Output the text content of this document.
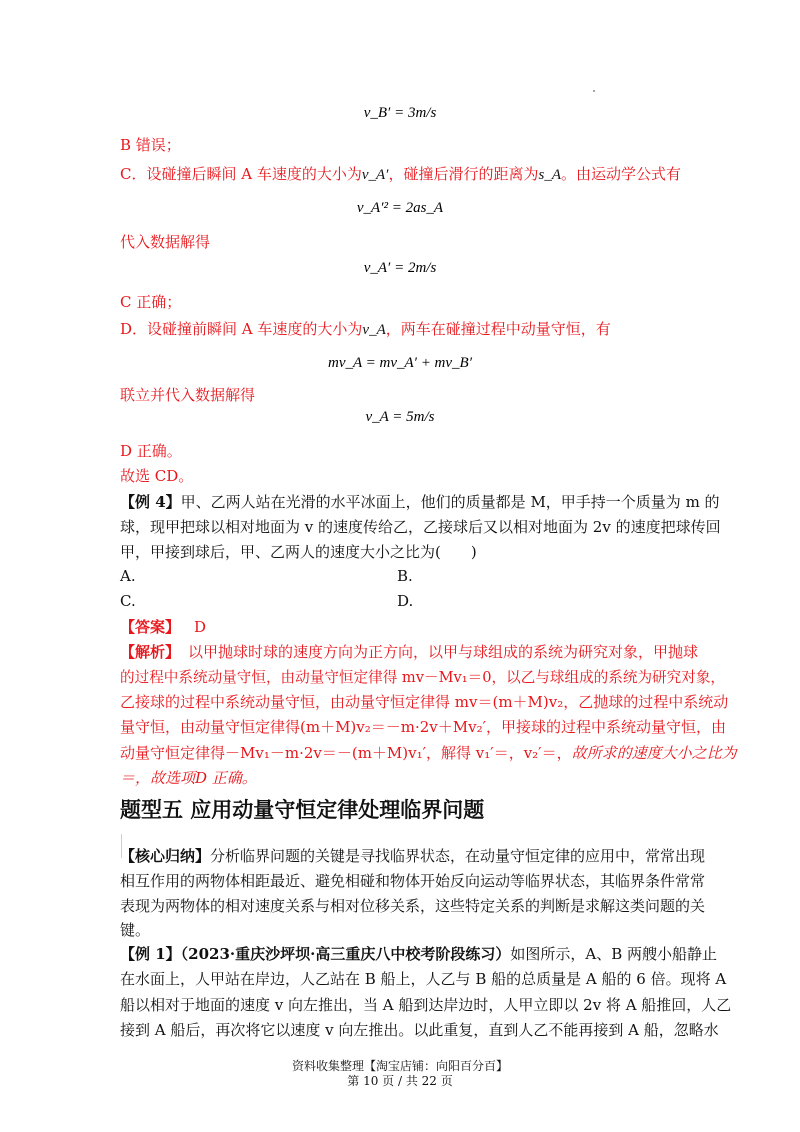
v_B′ = 3m/s
B 错误；
C．设碰撞后瞬间 A 车速度的大小为v_A′，碰撞后滑行的距离为s_A。由运动学公式有
v_A′² = 2as_A
代入数据解得
v_A′ = 2m/s
C 正确；
D．设碰撞前瞬间 A 车速度的大小为v_A，两车在碰撞过程中动量守恒，有
mv_A = mv_A′ + mv_B′
联立并代入数据解得
v_A = 5m/s
D 正确。
故选 CD。
【例 4】甲、乙两人站在光滑的水平冰面上，他们的质量都是 M，甲手持一个质量为 m 的
球，现甲把球以相对地面为 v 的速度传给乙，乙接球后又以相对地面为 2v 的速度把球传回
甲，甲接到球后，甲、乙两人的速度大小之比为(　　)
A.	B.
C.	D.
【答案】 D
【解析】 以甲抛球时球的速度方向为正方向，以甲与球组成的系统为研究对象，甲抛球
的过程中系统动量守恒，由动量守恒定律得 mv－Mv₁＝0，以乙与球组成的系统为研究对象，
乙接球的过程中系统动量守恒，由动量守恒定律得 mv＝(m＋M)v₂，乙抛球的过程中系统动
量守恒，由动量守恒定律得(m＋M)v₂＝－m·2v＋Mv₂′，甲接球的过程中系统动量守恒，由
动量守恒定律得－Mv₁－m·2v＝－(m＋M)v₁′，解得 v₁′＝，v₂′＝，故所求的速度大小之比为
＝，故选项D 正确。
题型五 应用动量守恒定律处理临界问题
【核心归纳】分析临界问题的关键是寻找临界状态，在动量守恒定律的应用中，常常出现
相互作用的两物体相距最近、避免相碰和物体开始反向运动等临界状态，其临界条件常常
表现为两物体的相对速度关系与相对位移关系，这些特定关系的判断是求解这类问题的关
键。
【例 1】（2023·重庆沙坪坝·高三重庆八中校考阶段练习）如图所示，A、B 两艘小船静止
在水面上，人甲站在岸边，人乙站在 B 船上，人乙与 B 船的总质量是 A 船的 6 倍。现将 A
船以相对于地面的速度 v 向左推出，当 A 船到达岸边时，人甲立即以 2v 将 A 船推回，人乙
接到 A 船后，再次将它以速度 v 向左推出。以此重复，直到人乙不能再接到 A 船，忽略水
资料收集整理【淘宝店铺：向阳百分百】
第 10 页 / 共 22 页
